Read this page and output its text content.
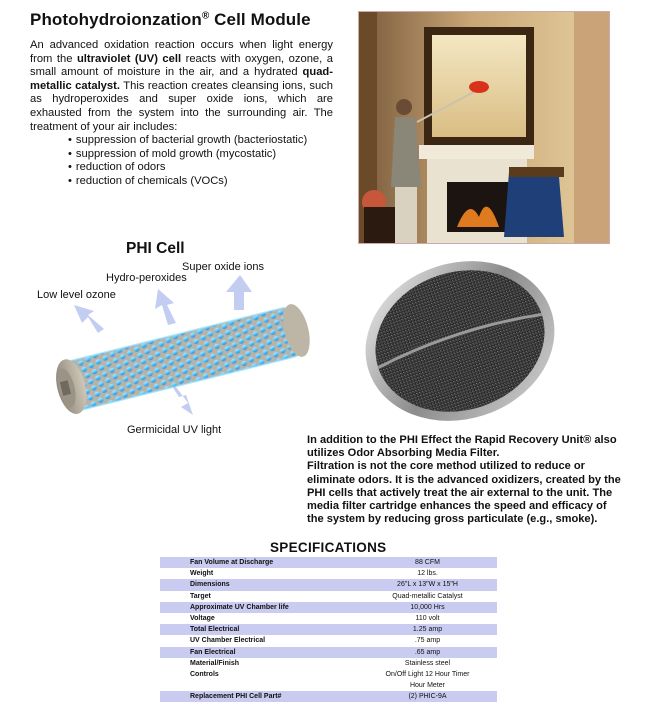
Photohydroionzation® Cell Module
An advanced oxidation reaction occurs when light energy from the ultraviolet (UV) cell reacts with oxygen, ozone, a small amount of moisture in the air, and a hydrated quad-metallic catalyst. This reaction creates cleansing ions, such as hydroperoxides and super oxide ions, which are exhausted from the system into the surrounding air. The treatment of your air includes:
• suppression of bacterial growth (bacteriostatic)
• suppression of mold growth (mycostatic)
• reduction of odors
• reduction of chemicals (VOCs)
PHI Cell
Low level ozone
Hydro-peroxides
Super oxide ions
Germicidal UV light

In addition to the PHI Effect the Rapid Recovery Unit® also utilizes Odor Absorbing Media Filter.

Filtration is not the core method utilized to reduce or eliminate odors. It is the advanced oxidizers, created by the PHI cells that actively treat the air external to the unit. The media filter cartridge enhances the speed and efficacy of the system by reducing gross particulate (e.g., smoke).

SPECIFICATIONS
Fan Volume at Discharge	88 CFM
Weight	12 lbs.
Dimensions	26"L x 13"W x 15"H
Target	Quad-metallic Catalyst
Approximate UV Chamber life	10,000 Hrs
Voltage	110 volt
Total Electrical	1.25 amp
UV Chamber Electrical	.75 amp
Fan Electrical	.65 amp
Material/Finish	Stainless steel
Controls	On/Off Light 12 Hour Timer
	Hour Meter
Replacement PHI Cell Part#	(2) PHIC-9A
